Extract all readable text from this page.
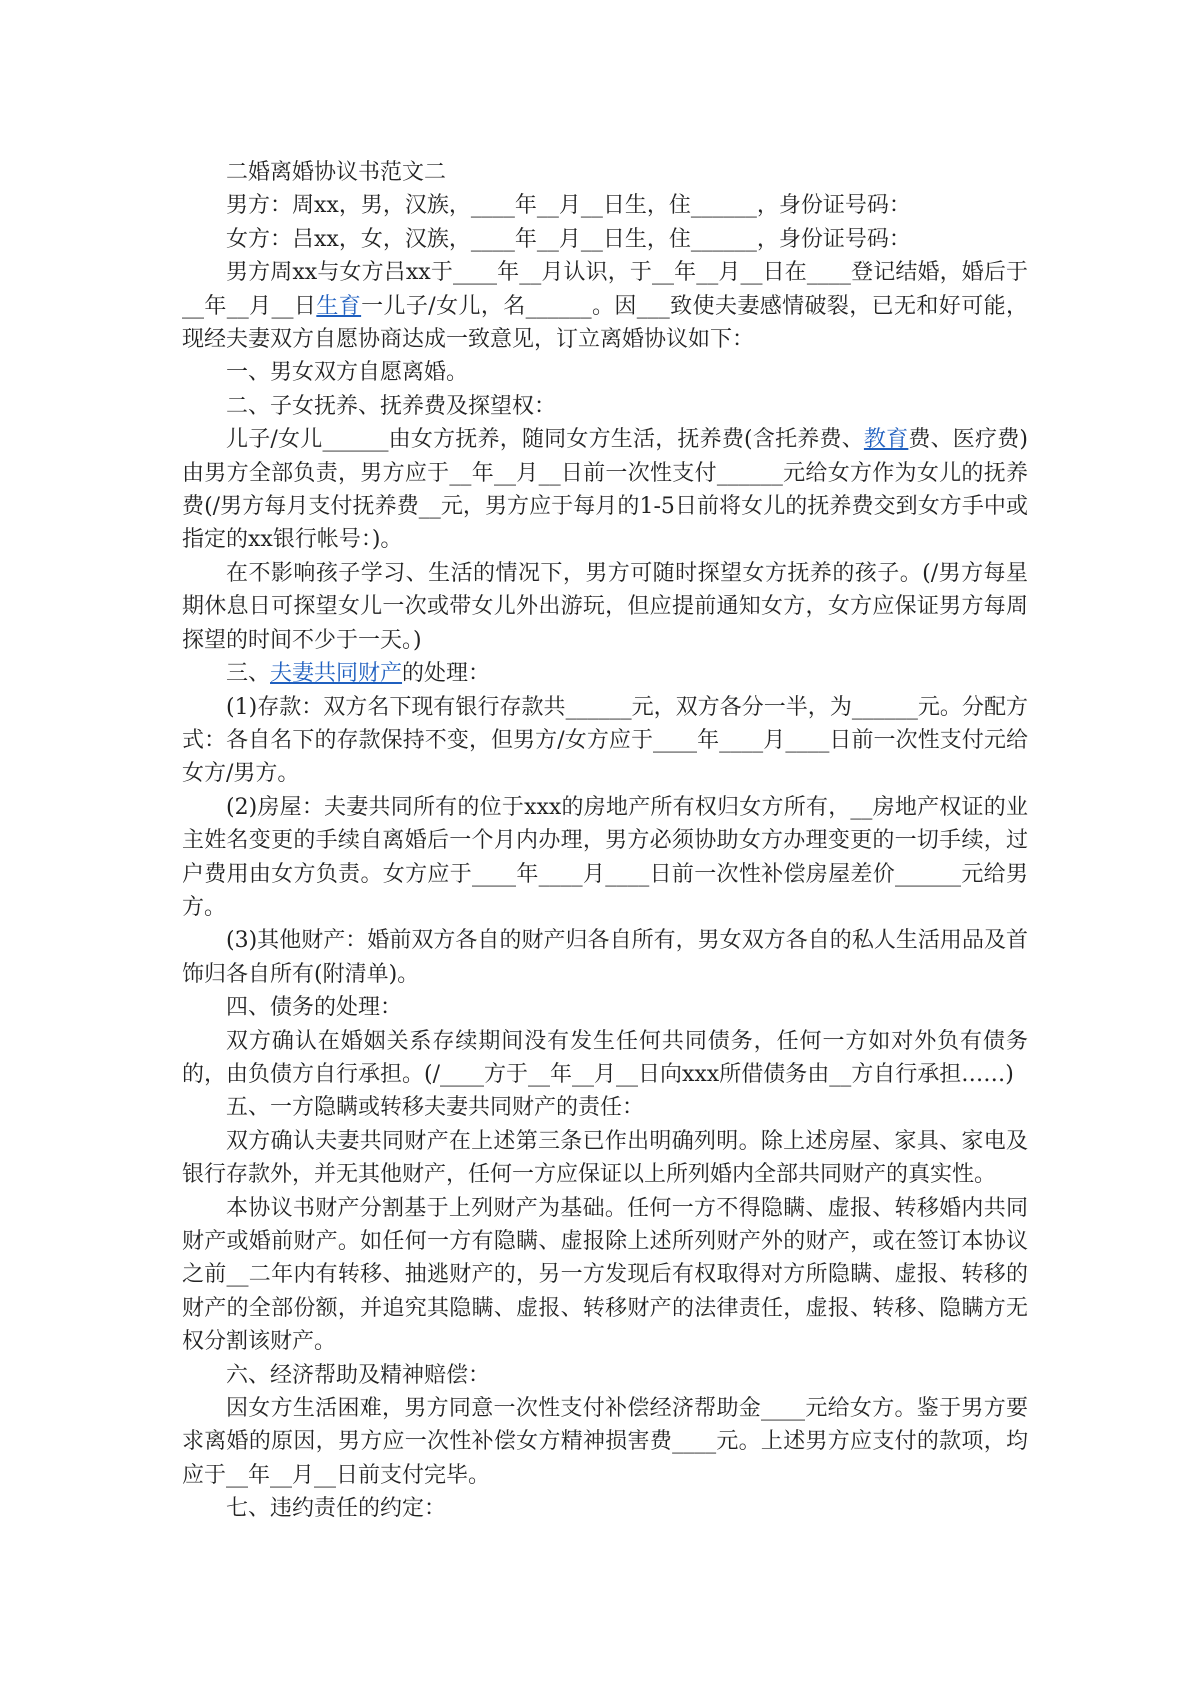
二婚离婚协议书范文二

男方：周xx，男，汉族，____年__月__日生，住______，身份证号码：

女方：吕xx，女，汉族，____年__月__日生，住______，身份证号码：

男方周xx与女方吕xx于____年__月认识，于__年__月__日在____登记结婚，婚后于__年__月__日生育一儿子/女儿，名______。因___致使夫妻感情破裂，已无和好可能，现经夫妻双方自愿协商达成一致意见，订立离婚协议如下：

一、男女双方自愿离婚。

二、子女抚养、抚养费及探望权：

儿子/女儿______由女方抚养，随同女方生活，抚养费(含托养费、教育费、医疗费)由男方全部负责，男方应于__年__月__日前一次性支付______元给女方作为女儿的抚养费(/男方每月支付抚养费__元，男方应于每月的1-5日前将女儿的抚养费交到女方手中或指定的xx银行帐号：)。

在不影响孩子学习、生活的情况下，男方可随时探望女方抚养的孩子。(/男方每星期休息日可探望女儿一次或带女儿外出游玩，但应提前通知女方，女方应保证男方每周探望的时间不少于一天。)

三、夫妻共同财产的处理：

(1)存款：双方名下现有银行存款共______元，双方各分一半，为______元。分配方式：各自名下的存款保持不变，但男方/女方应于____年____月____日前一次性支付元给女方/男方。

(2)房屋：夫妻共同所有的位于xxx的房地产所有权归女方所有，__房地产权证的业主姓名变更的手续自离婚后一个月内办理，男方必须协助女方办理变更的一切手续，过户费用由女方负责。女方应于____年____月____日前一次性补偿房屋差价______元给男方。

(3)其他财产：婚前双方各自的财产归各自所有，男女双方各自的私人生活用品及首饰归各自所有(附清单)。

四、债务的处理：

双方确认在婚姻关系存续期间没有发生任何共同债务，任何一方如对外负有债务的，由负债方自行承担。(/____方于__年__月__日向xxx所借债务由__方自行承担……)

五、一方隐瞒或转移夫妻共同财产的责任：

双方确认夫妻共同财产在上述第三条已作出明确列明。除上述房屋、家具、家电及银行存款外，并无其他财产，任何一方应保证以上所列婚内全部共同财产的真实性。

本协议书财产分割基于上列财产为基础。任何一方不得隐瞒、虚报、转移婚内共同财产或婚前财产。如任何一方有隐瞒、虚报除上述所列财产外的财产，或在签订本协议之前__二年内有转移、抽逃财产的，另一方发现后有权取得对方所隐瞒、虚报、转移的财产的全部份额，并追究其隐瞒、虚报、转移财产的法律责任，虚报、转移、隐瞒方无权分割该财产。

六、经济帮助及精神赔偿：

因女方生活困难，男方同意一次性支付补偿经济帮助金____元给女方。鉴于男方要求离婚的原因，男方应一次性补偿女方精神损害费____元。上述男方应支付的款项，均应于__年__月__日前支付完毕。

七、违约责任的约定：
